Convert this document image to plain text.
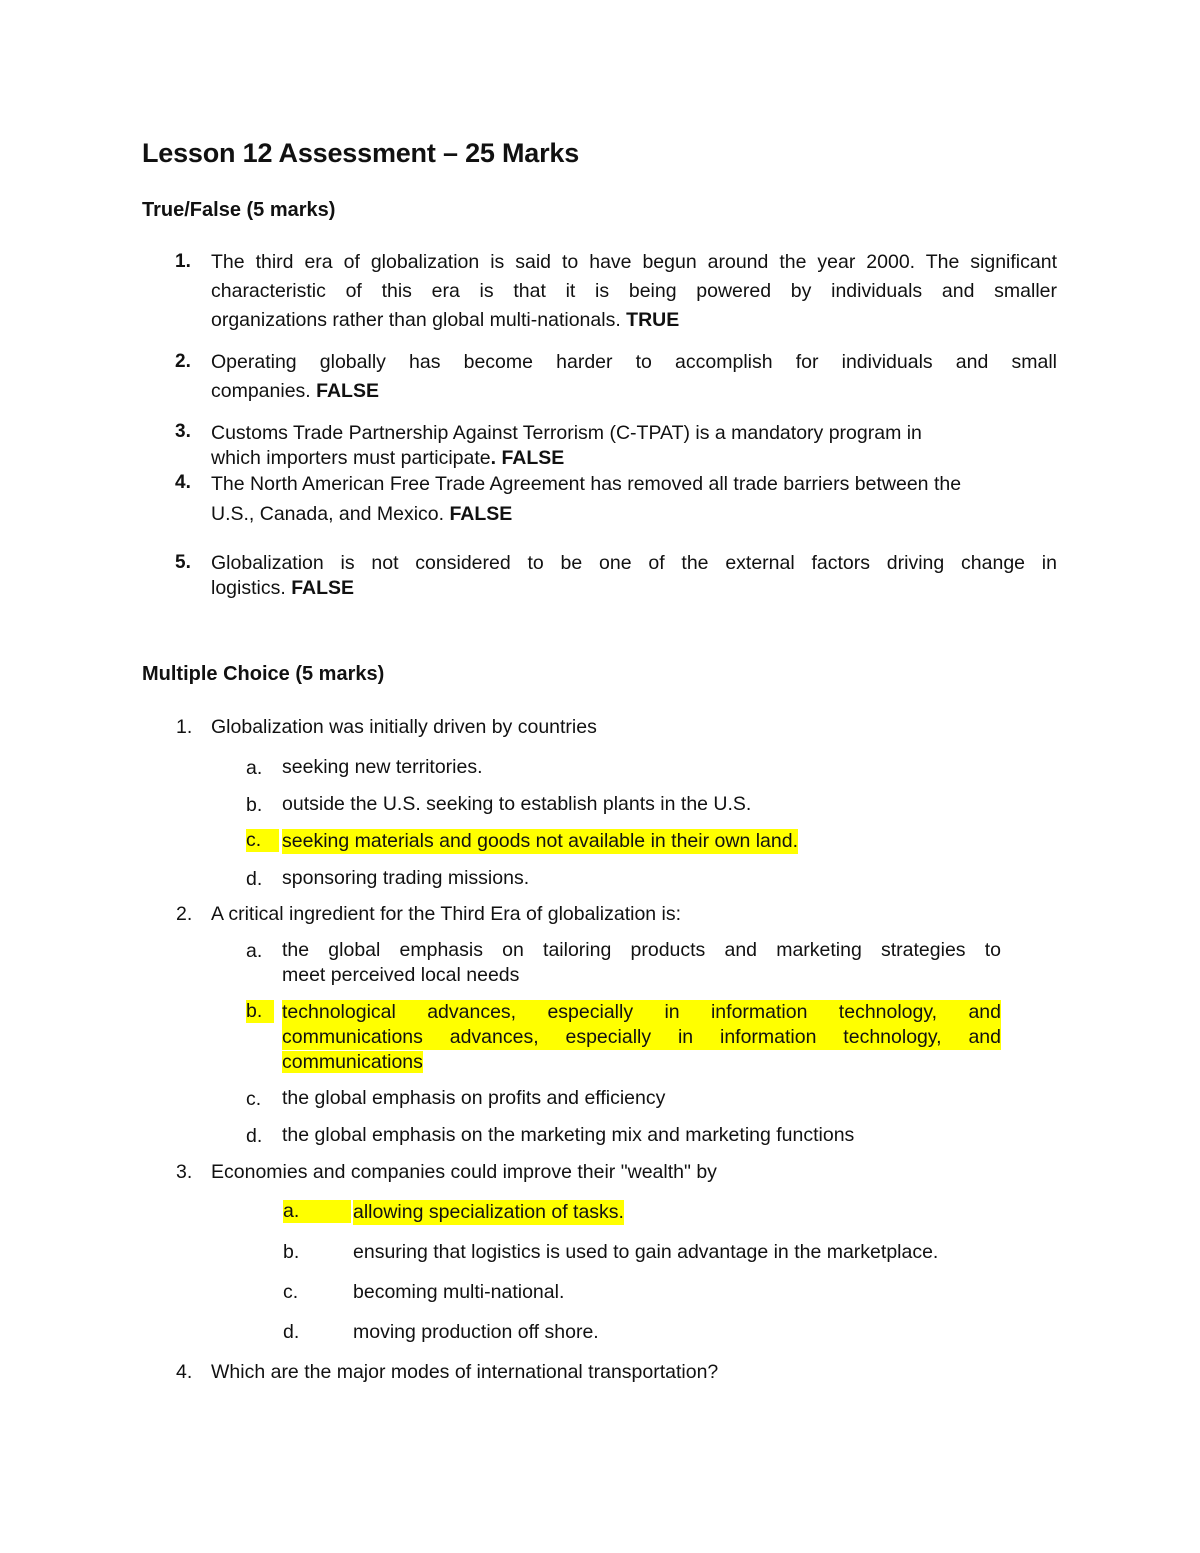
Lesson 12 Assessment – 25 Marks
True/False (5 marks)
1. The third era of globalization is said to have begun around the year 2000. The significant
characteristic of this era is that it is being powered by individuals and smaller
organizations rather than global multi-nationals. TRUE
2. Operating globally has become harder to accomplish for individuals and small
companies. FALSE
3. Customs Trade Partnership Against Terrorism (C-TPAT) is a mandatory program in
which importers must participate. FALSE
4. The North American Free Trade Agreement has removed all trade barriers between the
U.S., Canada, and Mexico. FALSE
5. Globalization is not considered to be one of the external factors driving change in
logistics. FALSE
Multiple Choice (5 marks)
1. Globalization was initially driven by countries
a. seeking new territories.
b. outside the U.S. seeking to establish plants in the U.S.
c.	seeking materials and goods not available in their own land.
d. sponsoring trading missions.
2. A critical ingredient for the Third Era of globalization is:
a. the global emphasis on tailoring products and marketing strategies to
meet perceived local needs
b.	technological advances, especially in information technology, and
communications advances, especially in information technology, and
communications
c. the global emphasis on profits and efficiency
d. the global emphasis on the marketing mix and marketing functions
3. Economies and companies could improve their "wealth" by
a.	allowing specialization of tasks.
b.	ensuring that logistics is used to gain advantage in the marketplace.
c.	becoming multi-national.
d.	moving production off shore.
4. Which are the major modes of international transportation?
